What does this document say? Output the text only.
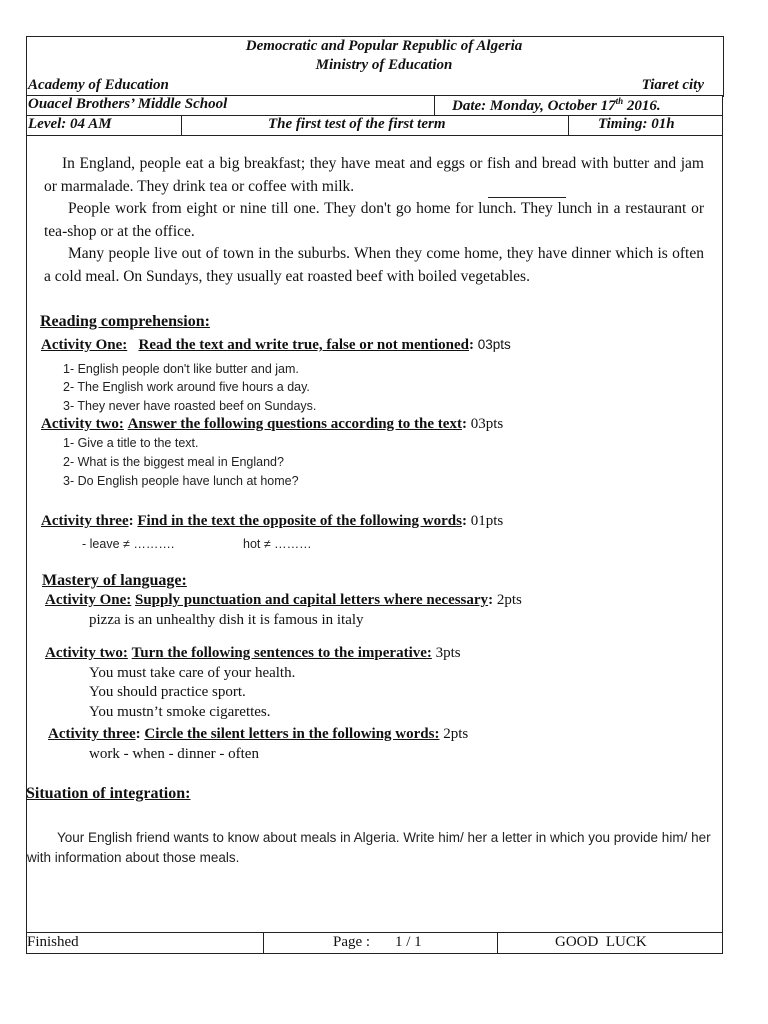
Democratic and Popular Republic of Algeria
Ministry of Education
Academy of Education	Tiaret city
Ouacel Brothers’ Middle School	Date: Monday, October 17th 2016.
Level: 04 AM	The first test of the first term	Timing: 01h

In England, people eat a big breakfast; they have meat and eggs or fish and bread with butter and jam or marmalade. They drink tea or coffee with milk.

People work from eight or nine till one. They don't go home for lunch. They lunch in a restaurant or tea-shop or at the office.

Many people live out of town in the suburbs. When they come home, they have dinner which is often a cold meal. On Sundays, they usually eat roasted beef with boiled vegetables.

Reading comprehension:
Activity One: Read the text and write true, false or not mentioned: 03pts
1- English people don't like butter and jam.
2- The English work around five hours a day.
3- They never have roasted beef on Sundays.
Activity two: Answer the following questions according to the text: 03pts
1- Give a title to the text.
2- What is the biggest meal in England?
3- Do English people have lunch at home?
Activity three: Find in the text the opposite of the following words: 01pts
- leave ≠ ……….	hot ≠ ………
Mastery of language:
Activity One: Supply punctuation and capital letters where necessary: 2pts
pizza is an unhealthy dish it is famous in italy
Activity two: Turn the following sentences to the imperative: 3pts
You must take care of your health.
You should practice sport.
You mustn’t smoke cigarettes.
Activity three: Circle the silent letters in the following words: 2pts
work - when - dinner - often
Situation of integration:
Your English friend wants to know about meals in Algeria. Write him/ her a letter in which you provide him/ her with information about those meals.
Finished	Page : 1 / 1	GOOD  LUCK
